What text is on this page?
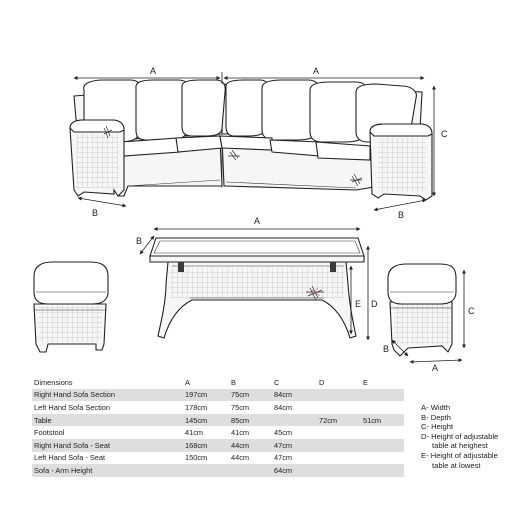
A	A
C
B	B
A
B
E D
C
B
A
Dimensions	A	B	C	D	E
Right Hand Sofa Section	197cm	75cm	84cm		
Left Hand Sofa Section	178cm	75cm	84cm		
Table	145cm	85cm		72cm	51cm
Footstool	41cm	41cm	45cm		
Right Hand Sofa - Seat	168cm	44cm	47cm		
Left Hand Sofa - Seat	150cm	44cm	47cm		
Sofa - Arm Height			64cm		
A- Width
B- Depth
C- Height
D- Height of adjustable
table at heighest
E- Height of adjustable
table at lowest
